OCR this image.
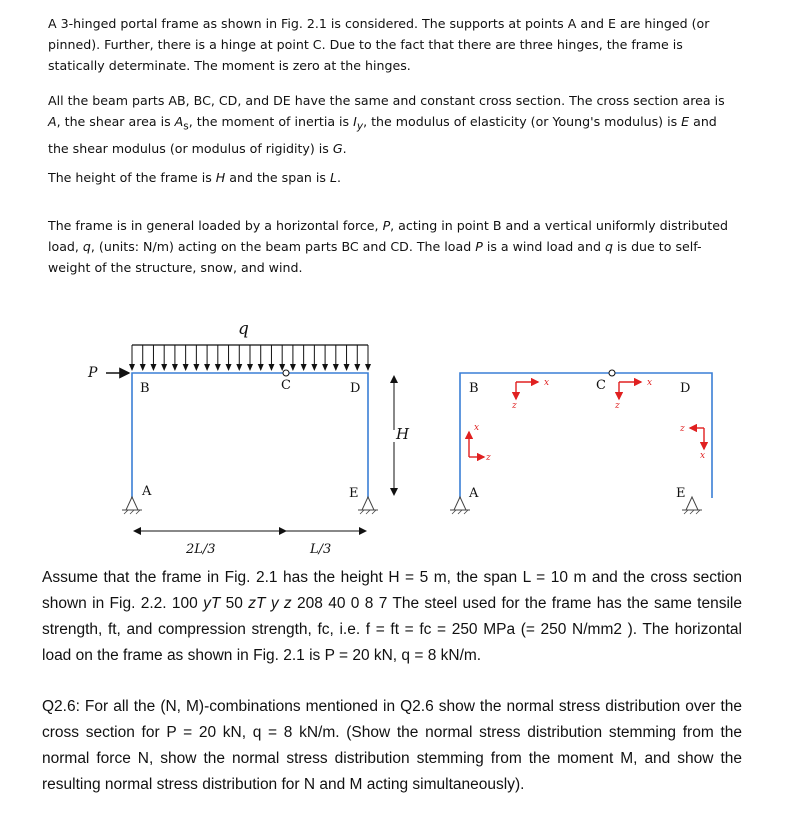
A 3-hinged portal frame as shown in Fig. 2.1 is considered. The supports at points A and E are hinged (or pinned). Further, there is a hinge at point C. Due to the fact that there are three hinges, the frame is statically determinate. The moment is zero at the hinges.

All the beam parts AB, BC, CD, and DE have the same and constant cross section. The cross section area is A, the shear area is $A_s$, the moment of inertia is $I_y$, the modulus of elasticity (or Young's modulus) is E and the shear modulus (or modulus of rigidity) is G.

The height of the frame is H and the span is L.

The frame is in general loaded by a horizontal force, P, acting in point B and a vertical uniformly distributed load, q, (units: N/m) acting on the beam parts BC and CD. The load P is a wind load and q is due to self-weight of the structure, snow, and wind.

q
P
B	C	D
A	E
H
2L/3	L/3
B	C	D
A	E
x
z
x
z
x
z
z
x

Assume that the frame in Fig. 2.1 has the height H = 5 m, the span L = 10 m and the cross section shown in Fig. 2.2. 100 yT 50 zT y z 208 40 0 8 7 The steel used for the frame has the same tensile strength, ft, and compression strength, fc, i.e. f = ft = fc = 250 MPa (= 250 N/mm2 ). The horizontal load on the frame as shown in Fig. 2.1 is P = 20 kN, q = 8 kN/m.

Q2.6: For all the (N, M)-combinations mentioned in Q2.6 show the normal stress distribution over the cross section for P = 20 kN, q = 8 kN/m. (Show the normal stress distribution stemming from the normal force N, show the normal stress distribution stemming from the moment M, and show the resulting normal stress distribution for N and M acting simultaneously).
